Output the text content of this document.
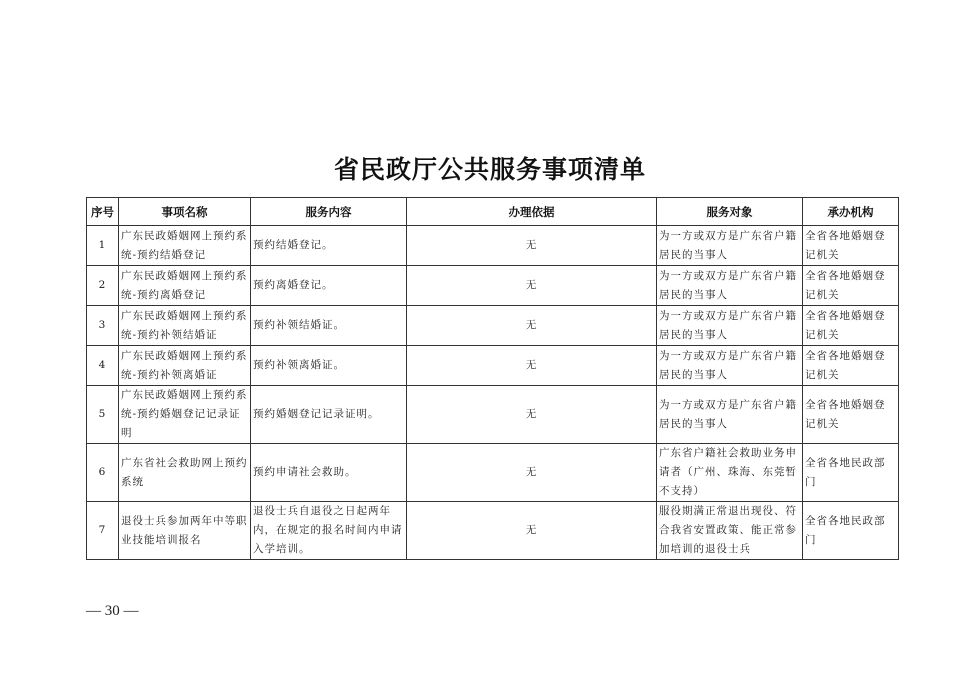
省民政厅公共服务事项清单
序号	事项名称	服务内容	办理依据	服务对象	承办机构
1	广东民政婚姻网上预约系统-预约结婚登记	预约结婚登记。	无	为一方或双方是广东省户籍居民的当事人	全省各地婚姻登记机关
2	广东民政婚姻网上预约系统-预约离婚登记	预约离婚登记。	无	为一方或双方是广东省户籍居民的当事人	全省各地婚姻登记机关
3	广东民政婚姻网上预约系统-预约补领结婚证	预约补领结婚证。	无	为一方或双方是广东省户籍居民的当事人	全省各地婚姻登记机关
4	广东民政婚姻网上预约系统-预约补领离婚证	预约补领离婚证。	无	为一方或双方是广东省户籍居民的当事人	全省各地婚姻登记机关
5	广东民政婚姻网上预约系统-预约婚姻登记记录证明	预约婚姻登记记录证明。	无	为一方或双方是广东省户籍居民的当事人	全省各地婚姻登记机关
6	广东省社会救助网上预约系统	预约申请社会救助。	无	广东省户籍社会救助业务申请者（广州、珠海、东莞暂不支持）	全省各地民政部门
7	退役士兵参加两年中等职业技能培训报名	退役士兵自退役之日起两年内，在规定的报名时间内申请入学培训。	无	服役期满正常退出现役、符合我省安置政策、能正常参加培训的退役士兵	全省各地民政部门
— 30 —
